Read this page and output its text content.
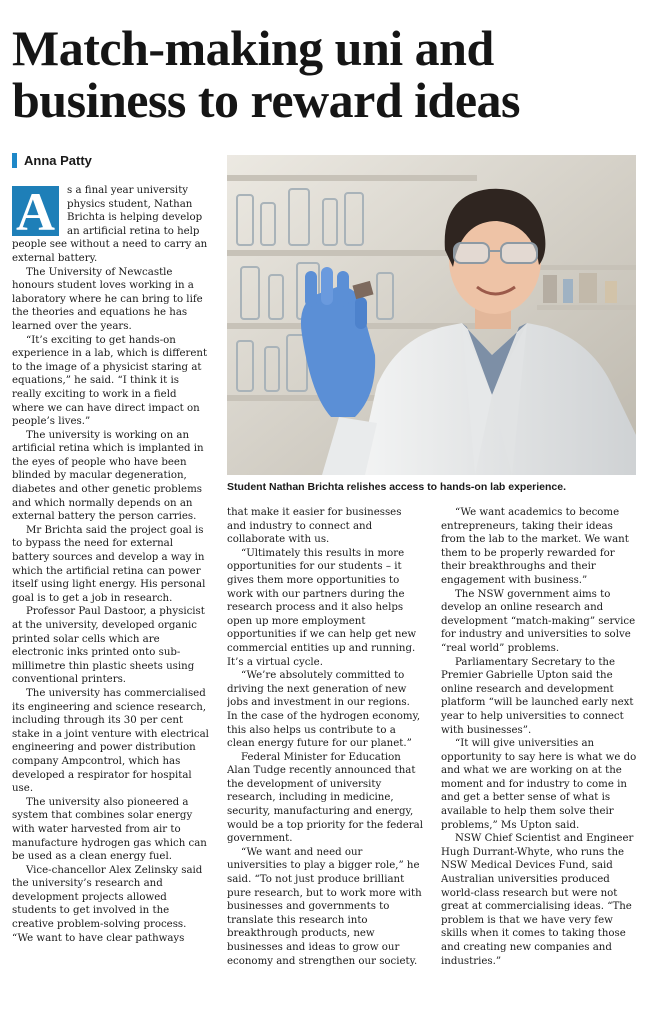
Match-making uni and business to reward ideas
Anna Patty

A	s a final year university physics student, Nathan Brichta is helping develop an artificial retina to help people see without a need to carry an external battery.

The University of Newcastle honours student loves working in a laboratory where he can bring to life the theories and equations he has learned over the years.

“It’s exciting to get hands-on experience in a lab, which is different to the image of a physicist staring at equations,” he said. “I think it is really exciting to work in a field where we can have direct impact on people’s lives.”

The university is working on an artificial retina which is implanted in the eyes of people who have been blinded by macular degeneration, diabetes and other genetic problems and which normally depends on an external battery the person carries.

Mr Brichta said the project goal is to bypass the need for external battery sources and develop a way in which the artificial retina can power itself using light energy. His personal goal is to get a job in research.

Professor Paul Dastoor, a physicist at the university, developed organic printed solar cells which are electronic inks printed onto sub-millimetre thin plastic sheets using conventional printers.

The university has commercialised its engineering and science research, including through its 30 per cent stake in a joint venture with electrical engineering and power distribution company Ampcontrol, which has developed a respirator for hospital use.

The university also pioneered a system that combines solar energy with water harvested from air to manufacture hydrogen gas which can be used as a clean energy fuel.

Vice-chancellor Alex Zelinsky said the university’s research and development projects allowed students to get involved in the creative problem-solving process. “We want to have clear pathways

Student Nathan Brichta relishes access to hands-on lab experience.

that make it easier for businesses and industry to connect and collaborate with us.

“Ultimately this results in more opportunities for our students – it gives them more opportunities to work with our partners during the research process and it also helps open up more employment opportunities if we can help get new commercial entities up and running. It’s a virtual cycle.

“We’re absolutely committed to driving the next generation of new jobs and investment in our regions. In the case of the hydrogen economy, this also helps us contribute to a clean energy future for our planet.”

Federal Minister for Education Alan Tudge recently announced that the development of university research, including in medicine, security, manufacturing and energy, would be a top priority for the federal government.

“We want and need our universities to play a bigger role,” he said. “To not just produce brilliant pure research, but to work more with businesses and governments to translate this research into breakthrough products, new businesses and ideas to grow our economy and strengthen our society.

“We want academics to become entrepreneurs, taking their ideas from the lab to the market. We want them to be properly rewarded for their breakthroughs and their engagement with business.”

The NSW government aims to develop an online research and development “match-making” service for industry and universities to solve “real world” problems.

Parliamentary Secretary to the Premier Gabrielle Upton said the online research and development platform “will be launched early next year to help universities to connect with businesses”.

“It will give universities an opportunity to say here is what we do and what we are working on at the moment and for industry to come in and get a better sense of what is available to help them solve their problems,” Ms Upton said.

NSW Chief Scientist and Engineer Hugh Durrant-Whyte, who runs the NSW Medical Devices Fund, said Australian universities produced world-class research but were not great at commercialising ideas. “The problem is that we have very few skills when it comes to taking those and creating new companies and industries.”
